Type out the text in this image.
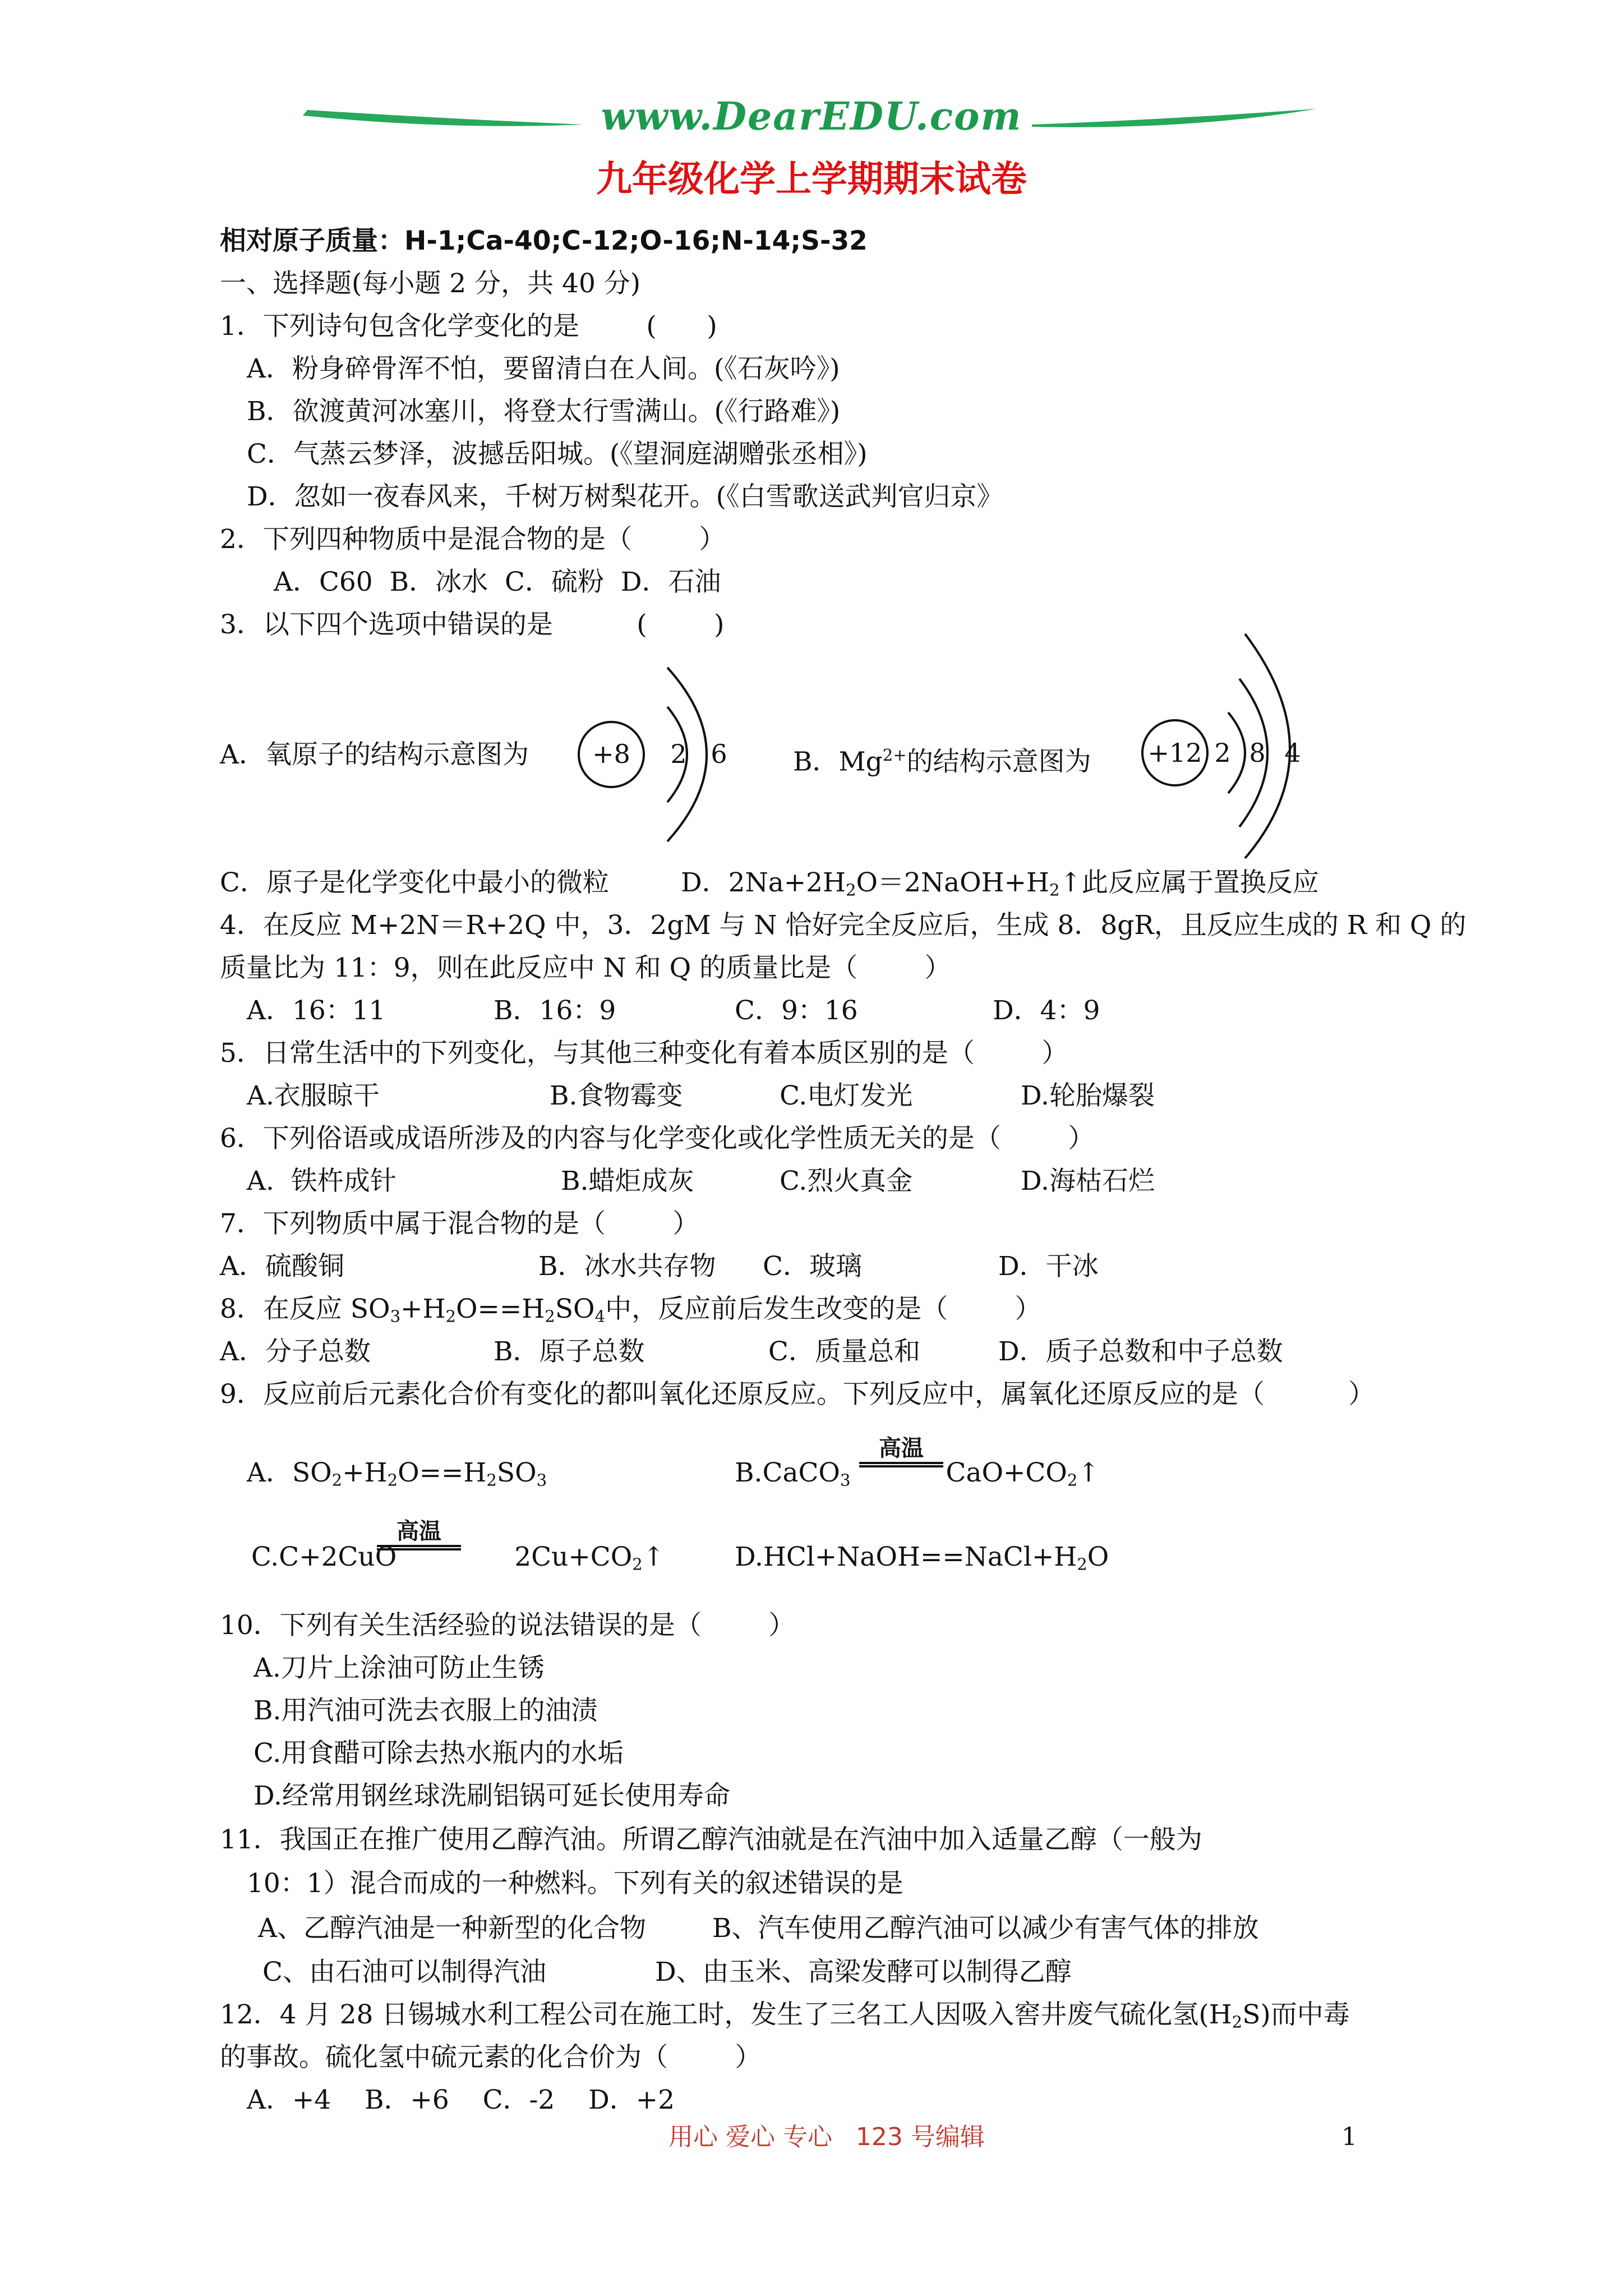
www.DearEDU.com
九年级化学上学期期末试卷
相对原子质量：H-1;Ca-40;C-12;O-16;N-14;S-32
一、选择题(每小题 2 分，共 40 分)
1．下列诗句包含化学变化的是        (      )
A．粉身碎骨浑不怕，要留清白在人间。(《石灰吟》)
B．欲渡黄河冰塞川，将登太行雪满山。(《行路难》)
C．气蒸云梦泽，波撼岳阳城。(《望洞庭湖赠张丞相》)
D．忽如一夜春风来，千树万树梨花开。(《白雪歌送武判官归京》
2．下列四种物质中是混合物的是（        ）
A．C60  B．冰水  C．硫粉  D．石油
3．以下四个选项中错误的是          (        )
A．氧原子的结构示意图为 +8 2 6 B．$Mg^{2+}$的结构示意图为 +12 2 8 4
C．原子是化学变化中最小的微粒	D．$2Na+2H_2O=2NaOH+H_2↑$此反应属于置换反应
4．在反应 M+2N＝R+2Q 中，3．2gM 与 N 恰好完全反应后，生成 8．8gR，且反应生成的 R 和 Q 的
质量比为 11：9，则在此反应中 N 和 Q 的质量比是（        ）

A．16：11

	B．16：9

	C．9：16

	D．4：9

5．日常生活中的下列变化，与其他三种变化有着本质区别的是（        ）

A.衣服晾干

	B.食物霉变

	C.电灯发光

	D.轮胎爆裂

6．下列俗语或成语所涉及的内容与化学变化或化学性质无关的是（        ）

A.  铁杵成针

	B.蜡炬成灰

	C.烈火真金

	D.海枯石烂

7．下列物质中属于混合物的是（        ）

A．硫酸铜

	B．冰水共存物

C．玻璃

	D．干冰

8．在反应 $SO_3+H_2O==H_2SO_4$中，反应前后发生改变的是（        ）

A．分子总数

	B．原子总数

	C．质量总和

	D．质子总数和中子总数

9．反应前后元素化合价有变化的都叫氧化还原反应。下列反应中，属氧化还原反应的是（          ）
A．$SO_2+H_2O==H_2SO_3$	B.CaCO$_3$	$CaO+CO_2↑$
高温
C.C+2CuO	$2Cu+CO_2↑$
高温
$D.HCl+NaOH==NaCl+H_2O$
10．下列有关生活经验的说法错误的是（        ）
A.刀片上涂油可防止生锈
B.用汽油可洗去衣服上的油渍
C.用食醋可除去热水瓶内的水垢
D.经常用钢丝球洗刷铝锅可延长使用寿命
11．我国正在推广使用乙醇汽油。所谓乙醇汽油就是在汽油中加入适量乙醇（一般为
10：1）混合而成的一种燃料。下列有关的叙述错误的是

A、乙醇汽油是一种新型的化合物

	B、汽车使用乙醇汽油可以减少有害气体的排放

C、由石油可以制得汽油

	D、由玉米、高梁发酵可以制得乙醇

12．4 月 28 日锡城水利工程公司在施工时，发生了三名工人因吸入窖井废气硫化氢$(H_2S)$而中毒
的事故。硫化氢中硫元素的化合价为（        ）
A．+4    B．+6    C．-2    D．+2
用心 爱心 专心   123 号编辑	1
